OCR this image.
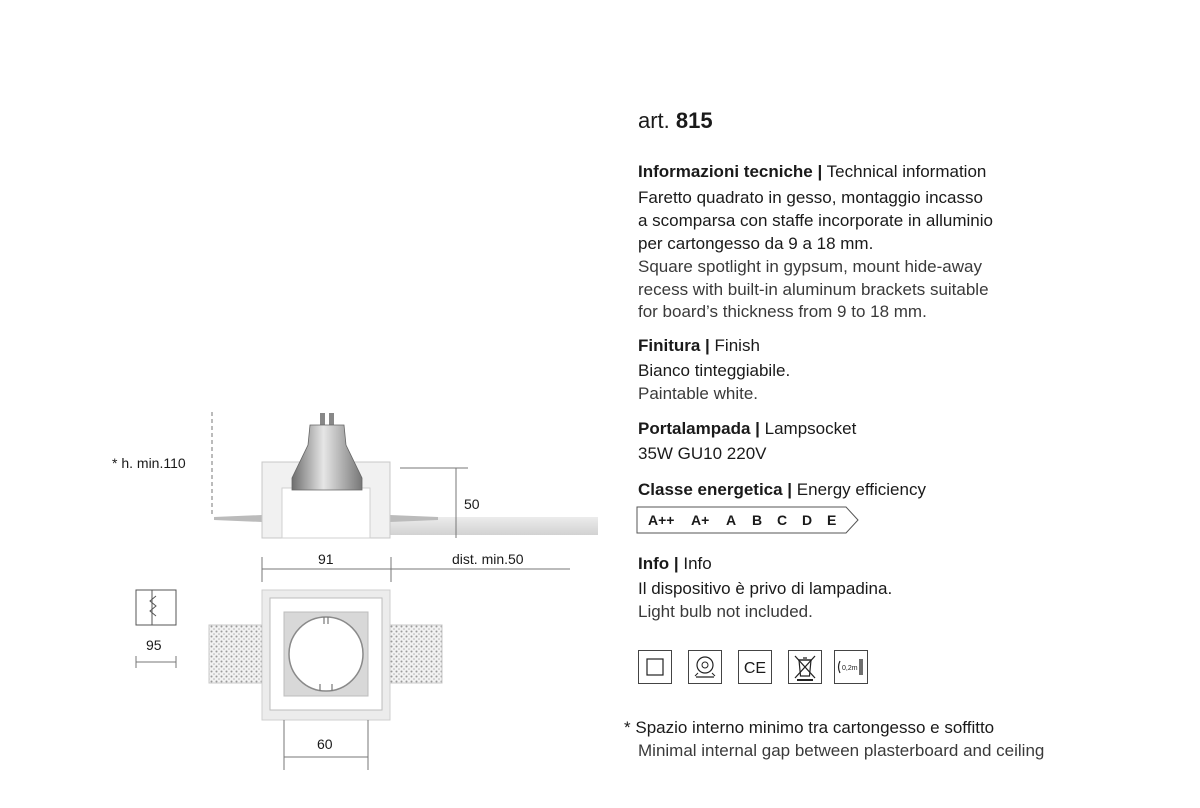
art. 815
Informazioni tecniche | Technical information
Faretto quadrato in gesso, montaggio incasso
a scomparsa con staffe incorporate in alluminio
per cartongesso da 9 a 18 mm.
Square spotlight in gypsum, mount hide-away
recess with built-in aluminum brackets suitable
for board’s thickness from 9 to 18 mm.
Finitura | Finish
Bianco tinteggiabile.
Paintable white.
Portalampada | Lampsocket
35W GU10 220V
Classe energetica | Energy efficiency
A++ A+ A B C D E
Info | Info
Il dispositivo è privo di lampadina.
Light bulb not included.
CE	0,2m
* Spazio interno minimo tra cartongesso e soffitto
Minimal internal gap between plasterboard and ceiling
* h. min.110
50
91	dist. min.50
95
60
